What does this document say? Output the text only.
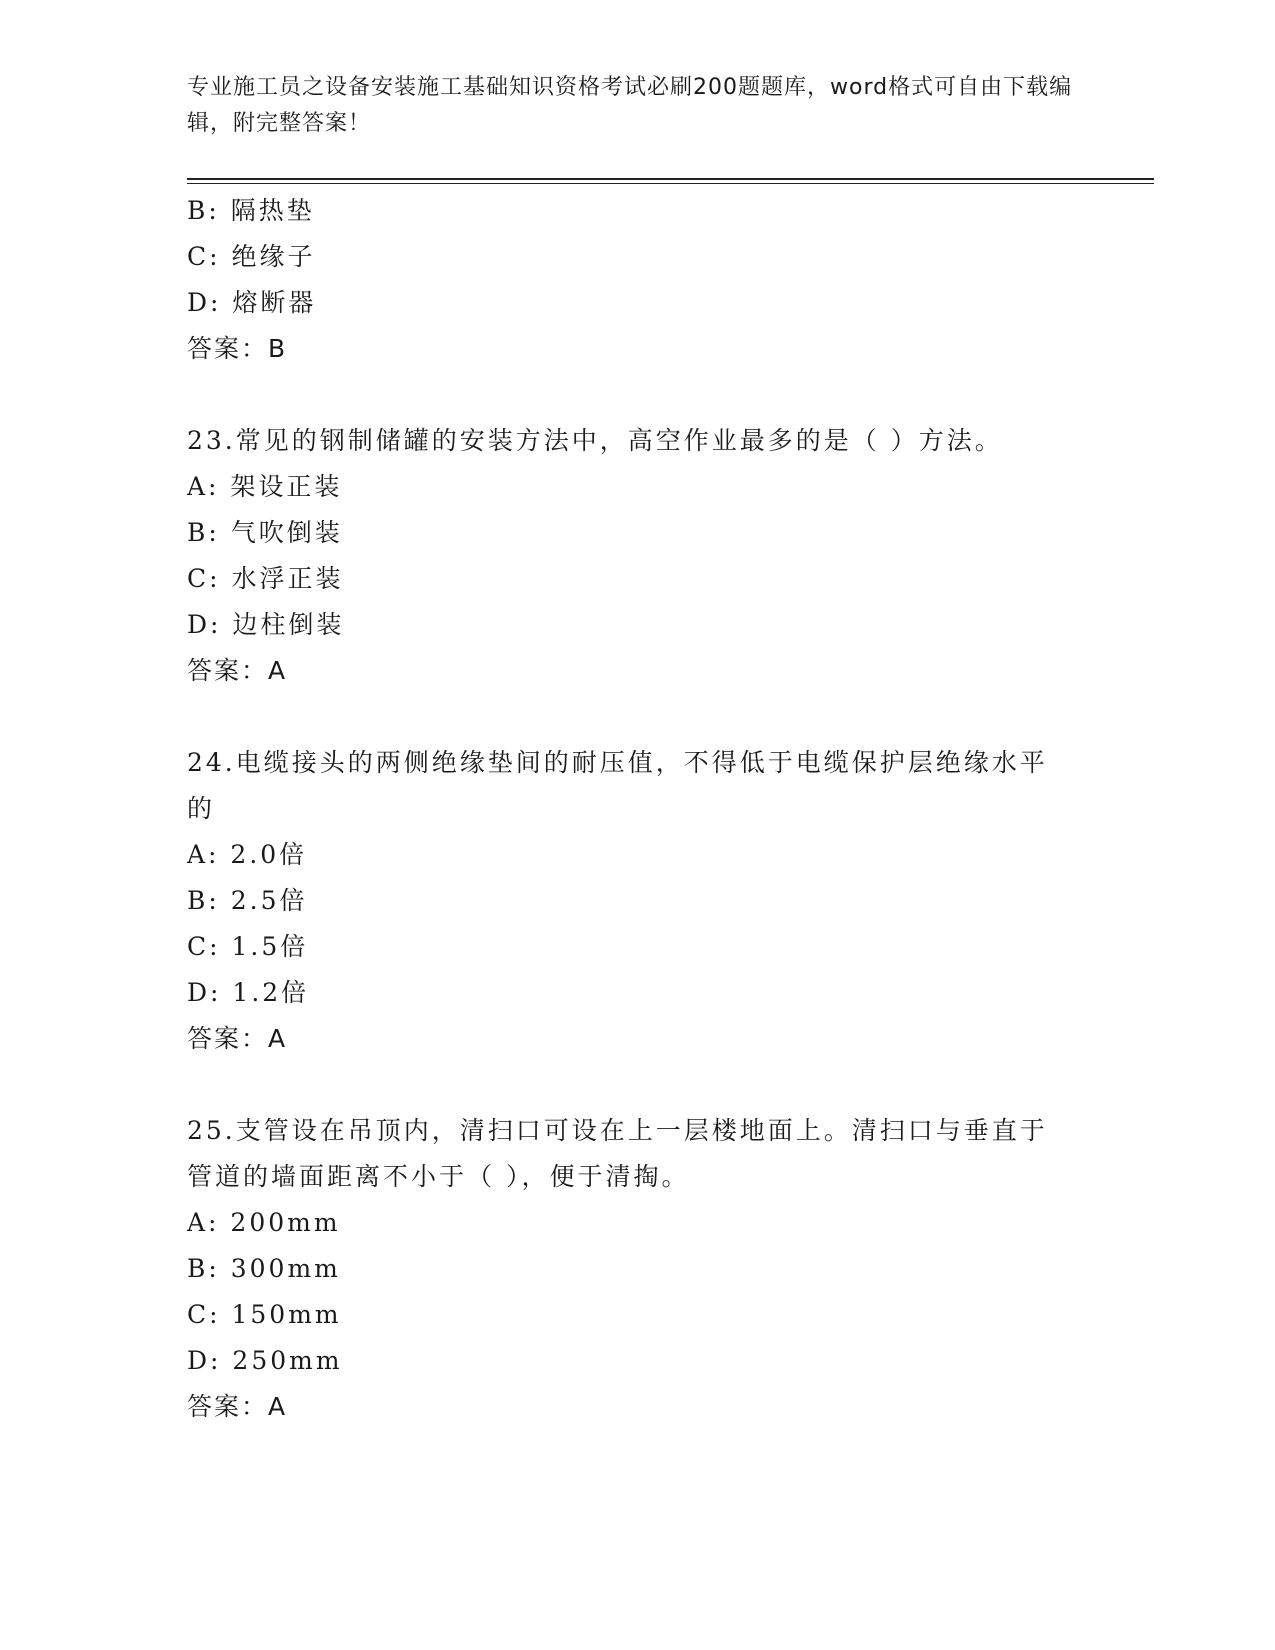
专业施工员之设备安装施工基础知识资格考试必刷200题题库，word格式可自由下载编辑，附完整答案！
B: 隔热垫
C: 绝缘子
D: 熔断器
答案：B
23.常见的钢制储罐的安装方法中，高空作业最多的是（ ）方法。
A: 架设正装
B: 气吹倒装
C: 水浮正装
D: 边柱倒装
答案：A
24.电缆接头的两侧绝缘垫间的耐压值，不得低于电缆保护层绝缘水平的
A: 2.0倍
B: 2.5倍
C: 1.5倍
D: 1.2倍
答案：A
25.支管设在吊顶内，清扫口可设在上一层楼地面上。清扫口与垂直于管道的墙面距离不小于（ ），便于清掏。
A: 200mm
B: 300mm
C: 150mm
D: 250mm
答案：A
